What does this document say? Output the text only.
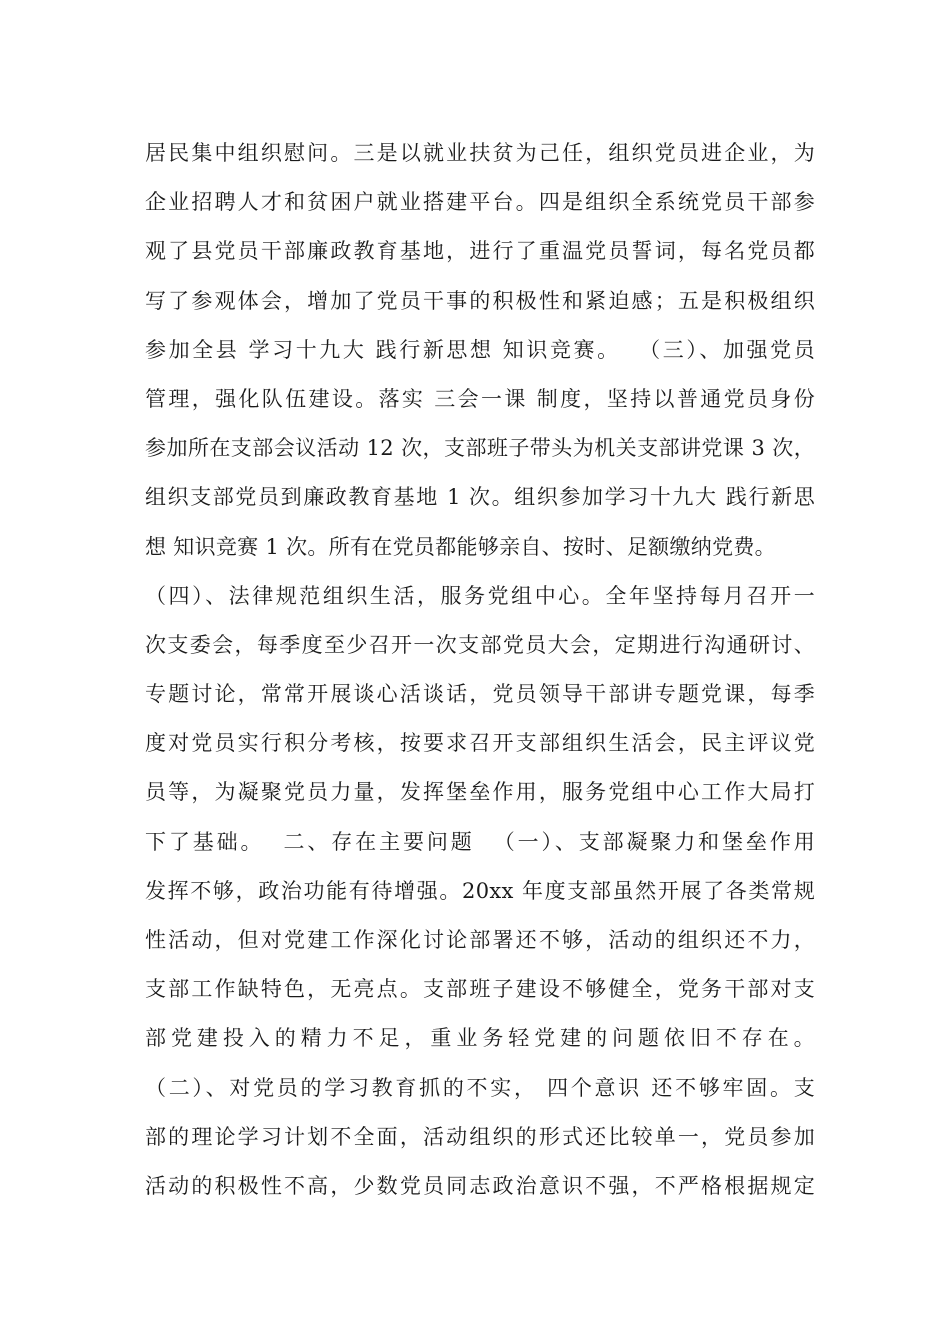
居民集中组织慰问。三是以就业扶贫为己任，组织党员进企业，为
企业招聘人才和贫困户就业搭建平台。四是组织全系统党员干部参
观了县党员干部廉政教育基地，进行了重温党员誓词，每名党员都
写了参观体会，增加了党员干事的积极性和紧迫感；五是积极组织
参加全县 学习十九大 践行新思想 知识竞赛。  （三）、加强党员
管理，强化队伍建设。落实 三会一课 制度，坚持以普通党员身份
参加所在支部会议活动 12 次，支部班子带头为机关支部讲党课 3 次，
组织支部党员到廉政教育基地 1 次。组织参加学习十九大 践行新思
想 知识竞赛 1 次。所有在党员都能够亲自、按时、足额缴纳党费。
（四）、法律规范组织生活，服务党组中心。全年坚持每月召开一
次支委会，每季度至少召开一次支部党员大会，定期进行沟通研讨、
专题讨论，常常开展谈心活谈话，党员领导干部讲专题党课，每季
度对党员实行积分考核，按要求召开支部组织生活会，民主评议党
员等，为凝聚党员力量，发挥堡垒作用，服务党组中心工作大局打
下了基础。  二、存在主要问题  （一）、支部凝聚力和堡垒作用
发挥不够，政治功能有待增强。20xx 年度支部虽然开展了各类常规
性活动，但对党建工作深化讨论部署还不够，活动的组织还不力，
支部工作缺特色，无亮点。支部班子建设不够健全，党务干部对支
部党建投入的精力不足，重业务轻党建的问题依旧不存在。
（二）、对党员的学习教育抓的不实， 四个意识 还不够牢固。支
部的理论学习计划不全面，活动组织的形式还比较单一，党员参加
活动的积极性不高，少数党员同志政治意识不强，不严格根据规定
